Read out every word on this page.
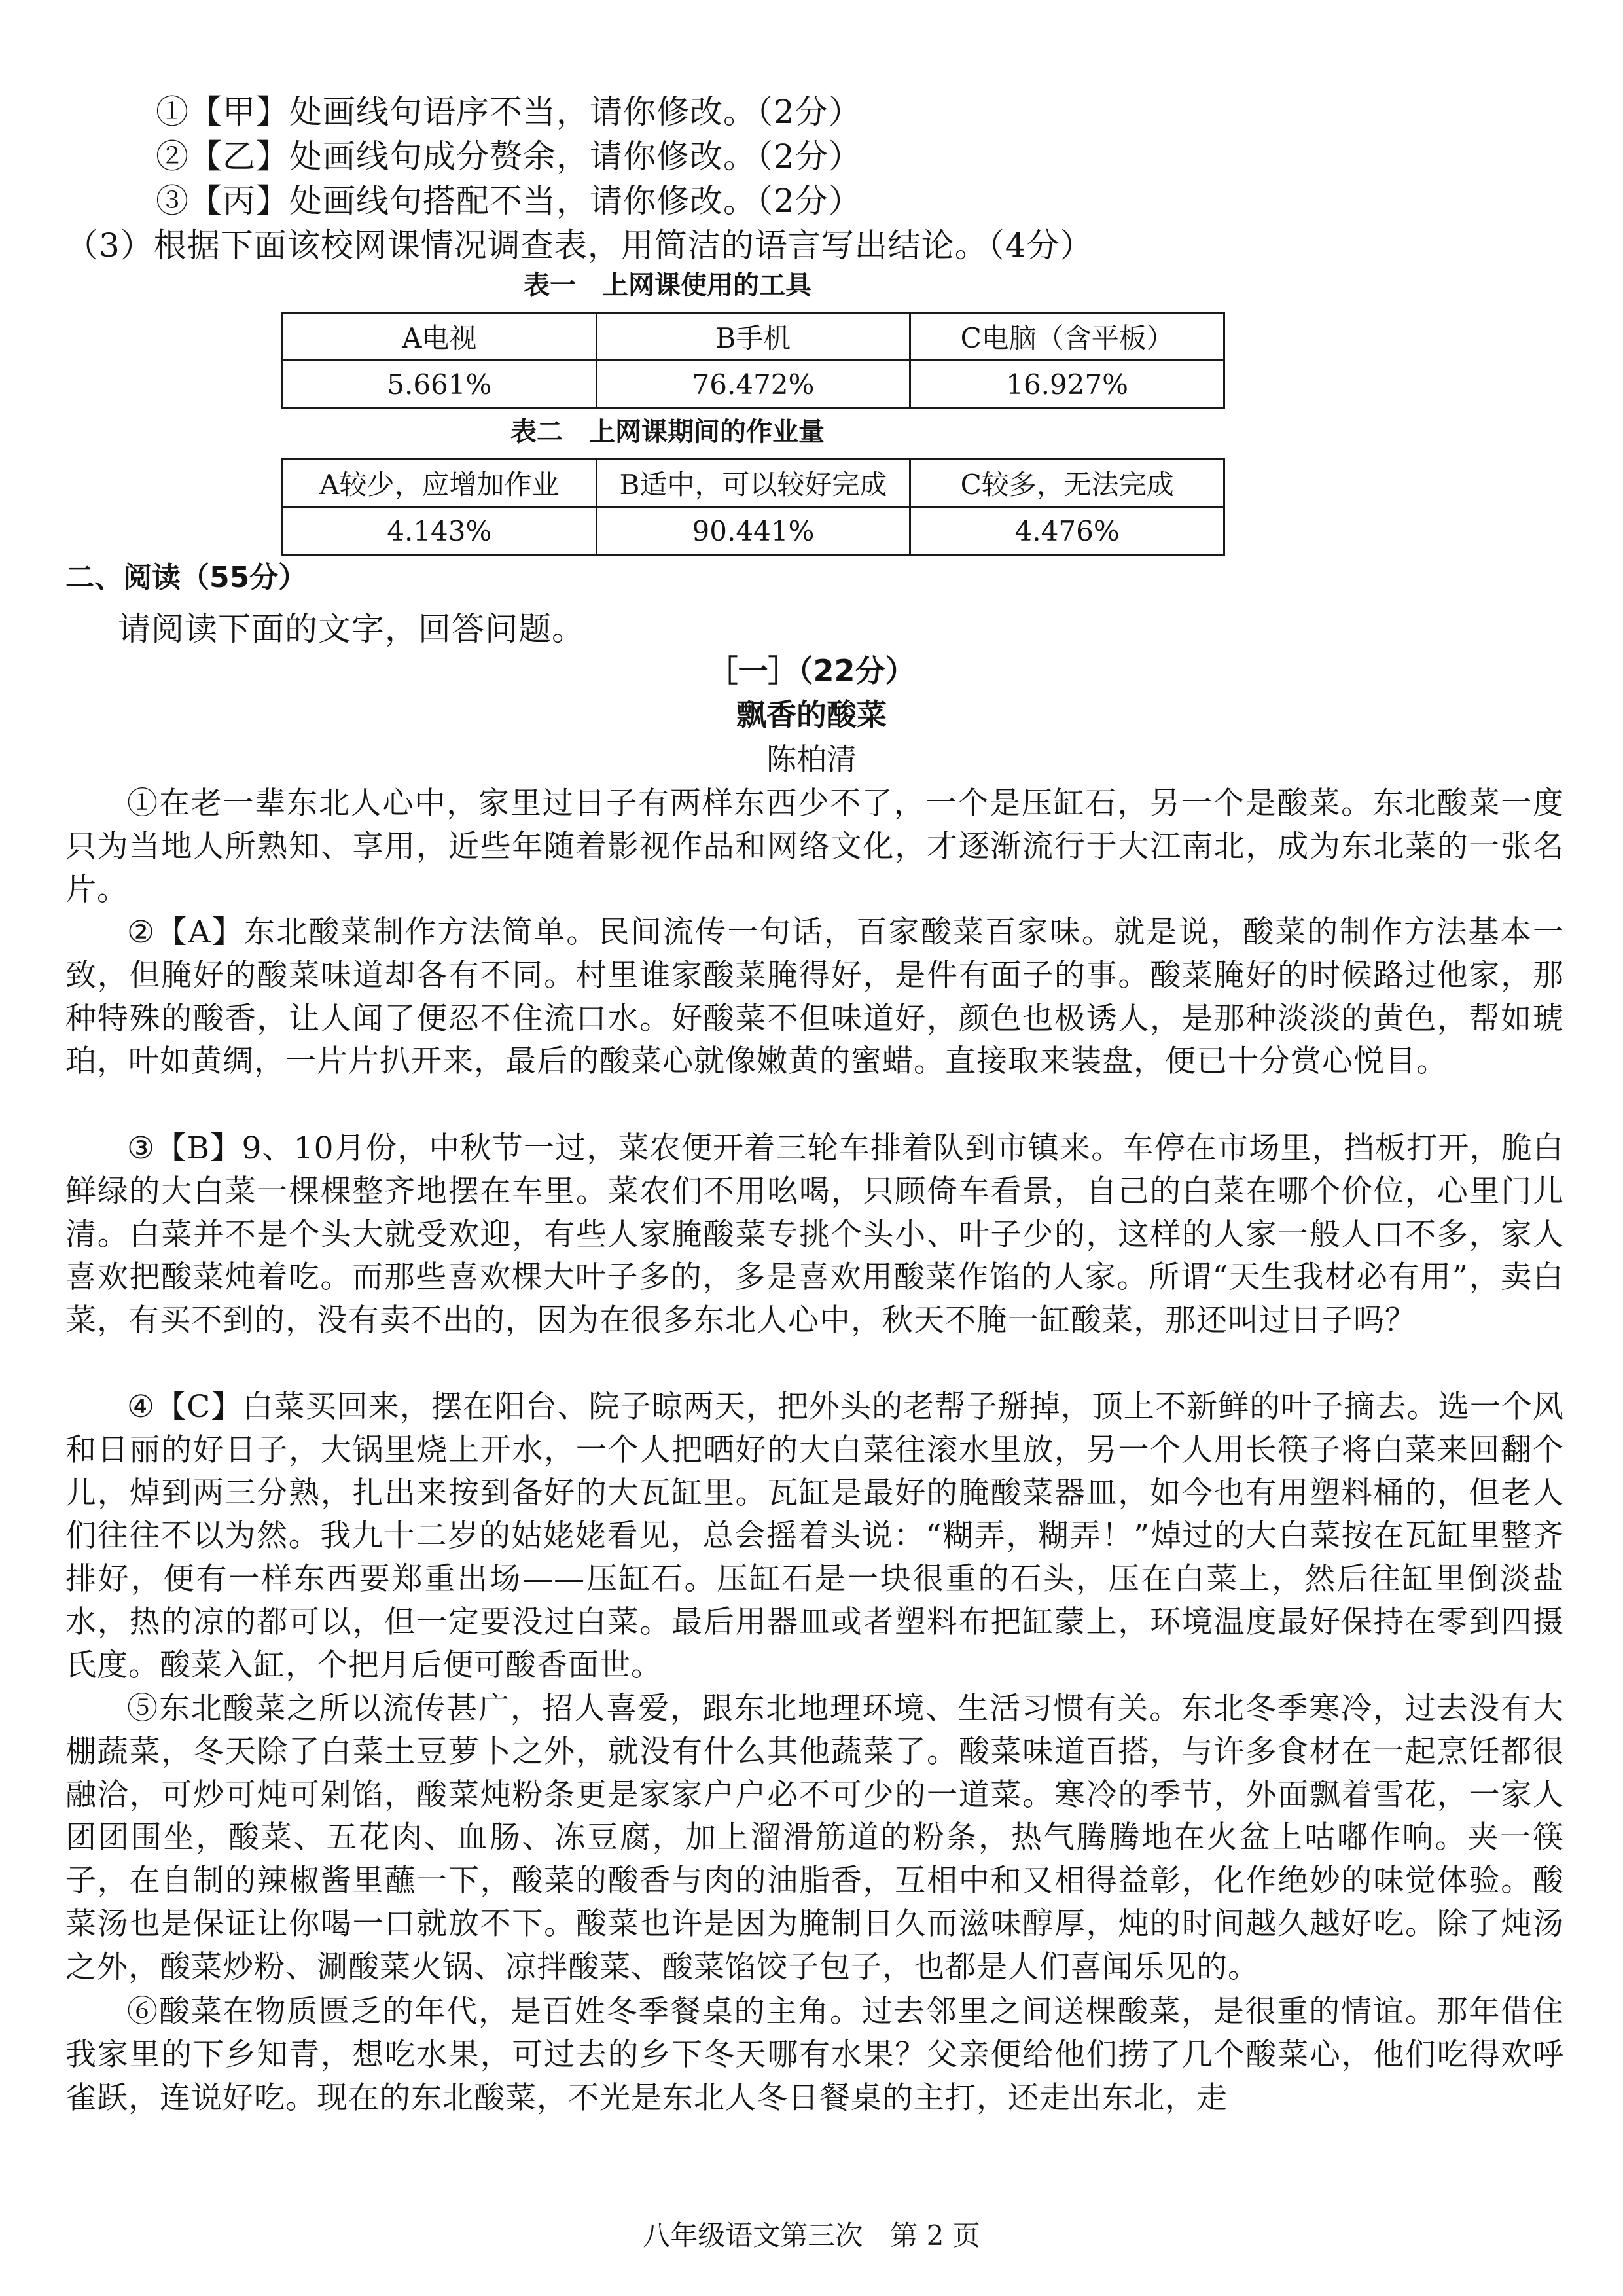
①【甲】处画线句语序不当，请你修改。（2分）
②【乙】处画线句成分赘余，请你修改。（2分）
③【丙】处画线句搭配不当，请你修改。（2分）
（3）根据下面该校网课情况调查表，用简洁的语言写出结论。（4分）
表一　上网课使用的工具
A电视	B手机	C电脑（含平板）
5.661%	76.472%	16.927%
表二　上网课期间的作业量
A较少，应增加作业	B适中，可以较好完成	C较多，无法完成
4.143%	90.441%	4.476%
二、阅读（55分）
请阅读下面的文字，回答问题。
［一］（22分）
飘香的酸菜
陈柏清
①在老一辈东北人心中，家里过日子有两样东西少不了，一个是压缸石，另一个是酸菜。东北酸菜一度只为当地人所熟知、享用，近些年随着影视作品和网络文化，才逐渐流行于大江南北，成为东北菜的一张名片。
②【A】东北酸菜制作方法简单。民间流传一句话，百家酸菜百家味。就是说，酸菜的制作方法基本一致，但腌好的酸菜味道却各有不同。村里谁家酸菜腌得好，是件有面子的事。酸菜腌好的时候路过他家，那种特殊的酸香，让人闻了便忍不住流口水。好酸菜不但味道好，颜色也极诱人，是那种淡淡的黄色，帮如琥珀，叶如黄绸，一片片扒开来，最后的酸菜心就像嫩黄的蜜蜡。直接取来装盘，便已十分赏心悦目。
③【B】9、10月份，中秋节一过，菜农便开着三轮车排着队到市镇来。车停在市场里，挡板打开，脆白鲜绿的大白菜一棵棵整齐地摆在车里。菜农们不用吆喝，只顾倚车看景，自己的白菜在哪个价位，心里门儿清。白菜并不是个头大就受欢迎，有些人家腌酸菜专挑个头小、叶子少的，这样的人家一般人口不多，家人喜欢把酸菜炖着吃。而那些喜欢棵大叶子多的，多是喜欢用酸菜作馅的人家。所谓“天生我材必有用”，卖白菜，有买不到的，没有卖不出的，因为在很多东北人心中，秋天不腌一缸酸菜，那还叫过日子吗？
④【C】白菜买回来，摆在阳台、院子晾两天，把外头的老帮子掰掉，顶上不新鲜的叶子摘去。选一个风和日丽的好日子，大锅里烧上开水，一个人把晒好的大白菜往滚水里放，另一个人用长筷子将白菜来回翻个儿，焯到两三分熟，扎出来按到备好的大瓦缸里。瓦缸是最好的腌酸菜器皿，如今也有用塑料桶的，但老人们往往不以为然。我九十二岁的姑姥姥看见，总会摇着头说：“糊弄，糊弄！”焯过的大白菜按在瓦缸里整齐排好，便有一样东西要郑重出场——压缸石。压缸石是一块很重的石头，压在白菜上，然后往缸里倒淡盐水，热的凉的都可以，但一定要没过白菜。最后用器皿或者塑料布把缸蒙上，环境温度最好保持在零到四摄氏度。酸菜入缸，个把月后便可酸香面世。
⑤东北酸菜之所以流传甚广，招人喜爱，跟东北地理环境、生活习惯有关。东北冬季寒冷，过去没有大棚蔬菜，冬天除了白菜土豆萝卜之外，就没有什么其他蔬菜了。酸菜味道百搭，与许多食材在一起烹饪都很融洽，可炒可炖可剁馅，酸菜炖粉条更是家家户户必不可少的一道菜。寒冷的季节，外面飘着雪花，一家人团团围坐，酸菜、五花肉、血肠、冻豆腐，加上溜滑筋道的粉条，热气腾腾地在火盆上咕嘟作响。夹一筷子，在自制的辣椒酱里蘸一下，酸菜的酸香与肉的油脂香，互相中和又相得益彰，化作绝妙的味觉体验。酸菜汤也是保证让你喝一口就放不下。酸菜也许是因为腌制日久而滋味醇厚，炖的时间越久越好吃。除了炖汤之外，酸菜炒粉、涮酸菜火锅、凉拌酸菜、酸菜馅饺子包子，也都是人们喜闻乐见的。
⑥酸菜在物质匮乏的年代，是百姓冬季餐桌的主角。过去邻里之间送棵酸菜，是很重的情谊。那年借住我家里的下乡知青，想吃水果，可过去的乡下冬天哪有水果？父亲便给他们捞了几个酸菜心，他们吃得欢呼雀跃，连说好吃。现在的东北酸菜，不光是东北人冬日餐桌的主打，还走出东北，走
八年级语文第三次　第 2 页
